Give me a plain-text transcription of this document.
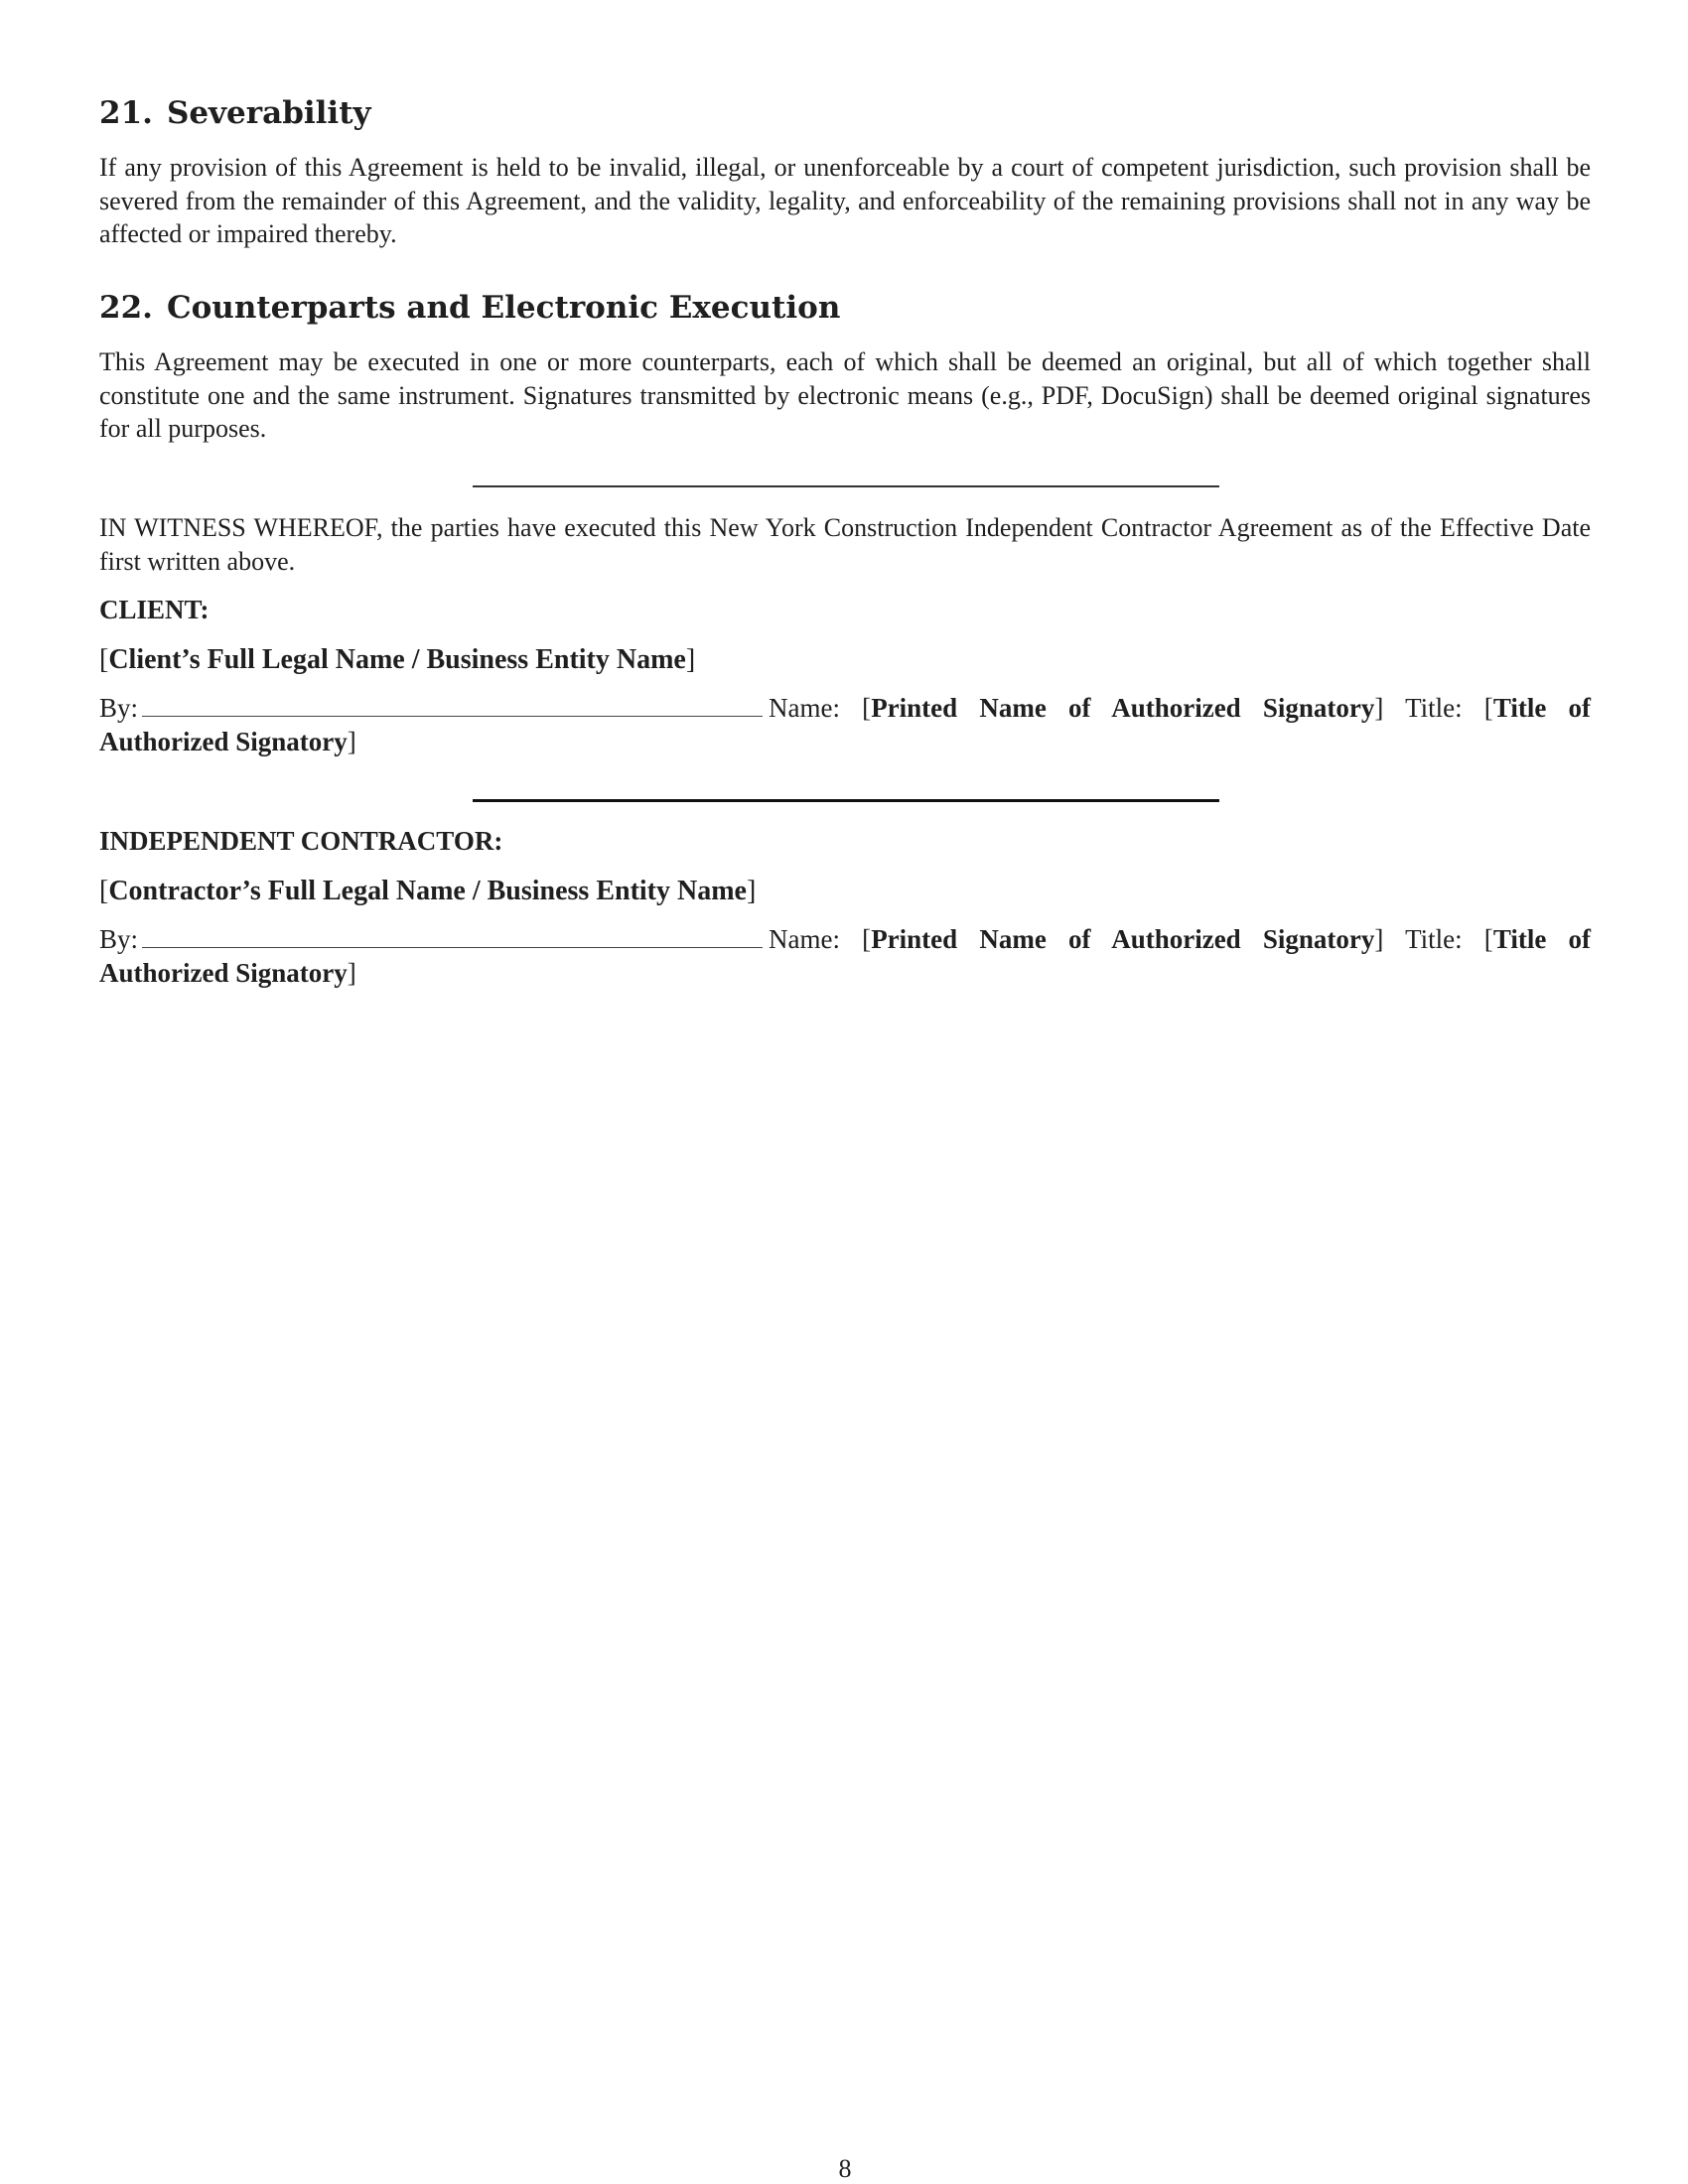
21. Severability

If any provision of this Agreement is held to be invalid, illegal, or unenforceable by a court of competent jurisdiction, such provision shall be severed from the remainder of this Agreement, and the validity, legality, and enforceability of the remaining provisions shall not in any way be affected or impaired thereby.

22. Counterparts and Electronic Execution

This Agreement may be executed in one or more counterparts, each of which shall be deemed an original, but all of which together shall constitute one and the same instrument. Signatures transmitted by electronic means (e.g., PDF, DocuSign) shall be deemed original signatures for all purposes.

IN WITNESS WHEREOF, the parties have executed this New York Construction Independent Contractor Agreement as of the Effective Date first written above.

CLIENT:

[Client’s Full Legal Name / Business Entity Name]

By:	Name: [Printed Name of Authorized Signatory] Title: [Title of Authorized Signatory]

INDEPENDENT CONTRACTOR:

[Contractor’s Full Legal Name / Business Entity Name]

By:	Name: [Printed Name of Authorized Signatory] Title: [Title of Authorized Signatory]

8
